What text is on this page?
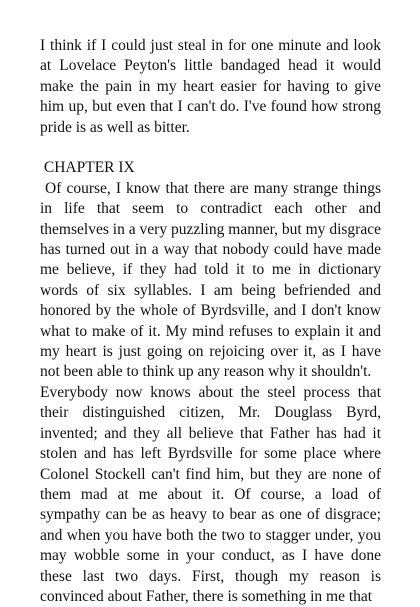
I think if I could just steal in for one minute and look at Lovelace Peyton's little bandaged head it would make the pain in my heart easier for having to give him up, but even that I can't do. I've found how strong pride is as well as bitter.

CHAPTER IX

Of course, I know that there are many strange things in life that seem to contradict each other and themselves in a very puzzling manner, but my disgrace has turned out in a way that nobody could have made me believe, if they had told it to me in dictionary words of six syllables. I am being befriended and honored by the whole of Byrdsville, and I don't know what to make of it. My mind refuses to explain it and my heart is just going on rejoicing over it, as I have not been able to think up any reason why it shouldn't.

Everybody now knows about the steel process that their distinguished citizen, Mr. Douglass Byrd, invented; and they all believe that Father has had it stolen and has left Byrdsville for some place where Colonel Stockell can't find him, but they are none of them mad at me about it. Of course, a load of sympathy can be as heavy to bear as one of disgrace; and when you have both the two to stagger under, you may wobble some in your conduct, as I have done these last two days. First, though my reason is convinced about Father, there is something in me that
